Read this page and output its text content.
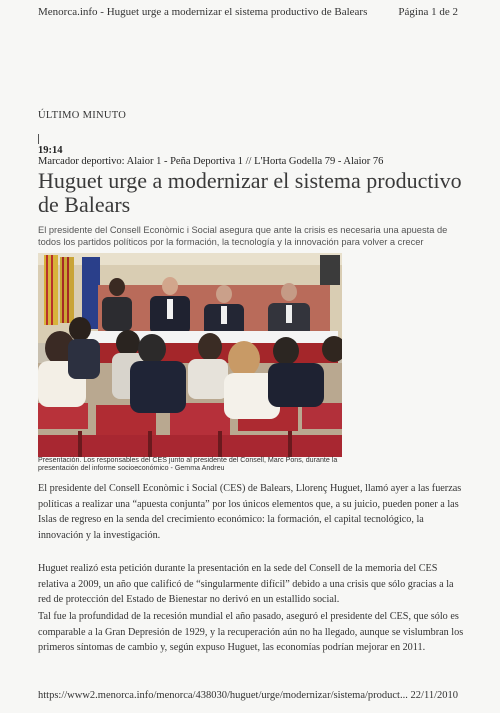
Menorca.info - Huguet urge a modernizar el sistema productivo de Balears	Página 1 de 2
ÚLTIMO MINUTO
19:14
Marcador deportivo: Alaior 1 - Peña Deportiva 1 // L'Horta Godella 79 - Alaior 76
Huguet urge a modernizar el sistema productivo de Balears

El presidente del Consell Econòmic i Social asegura que ante la crisis es necesaria una apuesta de todos los partidos políticos por la formación, la tecnología y la innovación para volver a crecer

Presentación. Los responsables del CES junto al presidente del Consell, Marc Pons, durante la presentación del informe socioeconómico - Gemma Andreu

El presidente del Consell Econòmic i Social (CES) de Balears, Llorenç Huguet, llamó ayer a las fuerzas políticas a realizar una “apuesta conjunta” por los únicos elementos que, a su juicio, pueden poner a las Islas de regreso en la senda del crecimiento económico: la formación, el capital tecnológico, la innovación y la investigación.

Huguet realizó esta petición durante la presentación en la sede del Consell de la memoria del CES relativa a 2009, un año que calificó de “singularmente difícil” debido a una crisis que sólo gracias a la red de protección del Estado de Bienestar no derivó en un estallido social.

Tal fue la profundidad de la recesión mundial el año pasado, aseguró el presidente del CES, que sólo es comparable a la Gran Depresión de 1929, y la recuperación aún no ha llegado, aunque se vislumbran los primeros síntomas de cambio y, según expuso Huguet, las economías podrían mejorar en 2011.

https://www2.menorca.info/menorca/438030/huguet/urge/modernizar/sistema/product... 22/11/2010
